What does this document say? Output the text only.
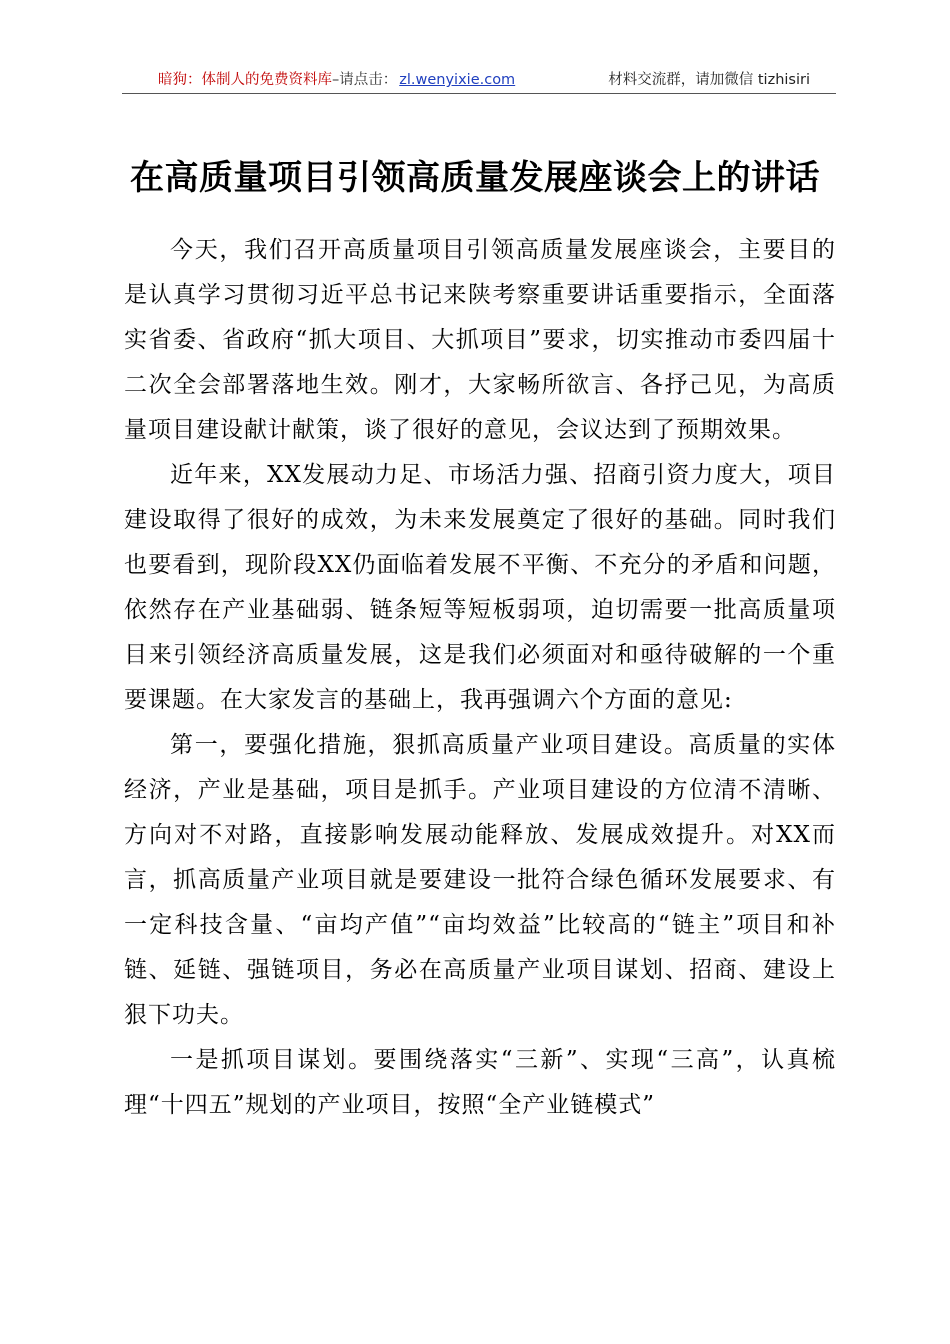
暗狗：体制人的免费资料库–请点击： zl.wenyixie.com	材料交流群，请加微信 tizhisiri
在高质量项目引领高质量发展座谈会上的讲话

今天，我们召开高质量项目引领高质量发展座谈会，主要目的是认真学习贯彻习近平总书记来陕考察重要讲话重要指示，全面落实省委、省政府“抓大项目、大抓项目”要求，切实推动市委四届十二次全会部署落地生效。刚才，大家畅所欲言、各抒己见，为高质量项目建设献计献策，谈了很好的意见，会议达到了预期效果。

近年来，XX发展动力足、市场活力强、招商引资力度大，项目建设取得了很好的成效，为未来发展奠定了很好的基础。同时我们也要看到，现阶段XX仍面临着发展不平衡、不充分的矛盾和问题，依然存在产业基础弱、链条短等短板弱项，迫切需要一批高质量项目来引领经济高质量发展，这是我们必须面对和亟待破解的一个重要课题。在大家发言的基础上，我再强调六个方面的意见:

第一，要强化措施，狠抓高质量产业项目建设。高质量的实体经济，产业是基础，项目是抓手。产业项目建设的方位清不清晰、方向对不对路，直接影响发展动能释放、发展成效提升。对XX而言，抓高质量产业项目就是要建设一批符合绿色循环发展要求、有一定科技含量、“亩均产值”“亩均效益”比较高的“链主”项目和补链、延链、强链项目，务必在高质量产业项目谋划、招商、建设上狠下功夫。

一是抓项目谋划。要围绕落实“三新”、实现“三高”，认真梳理“十四五”规划的产业项目，按照“全产业链模式”
